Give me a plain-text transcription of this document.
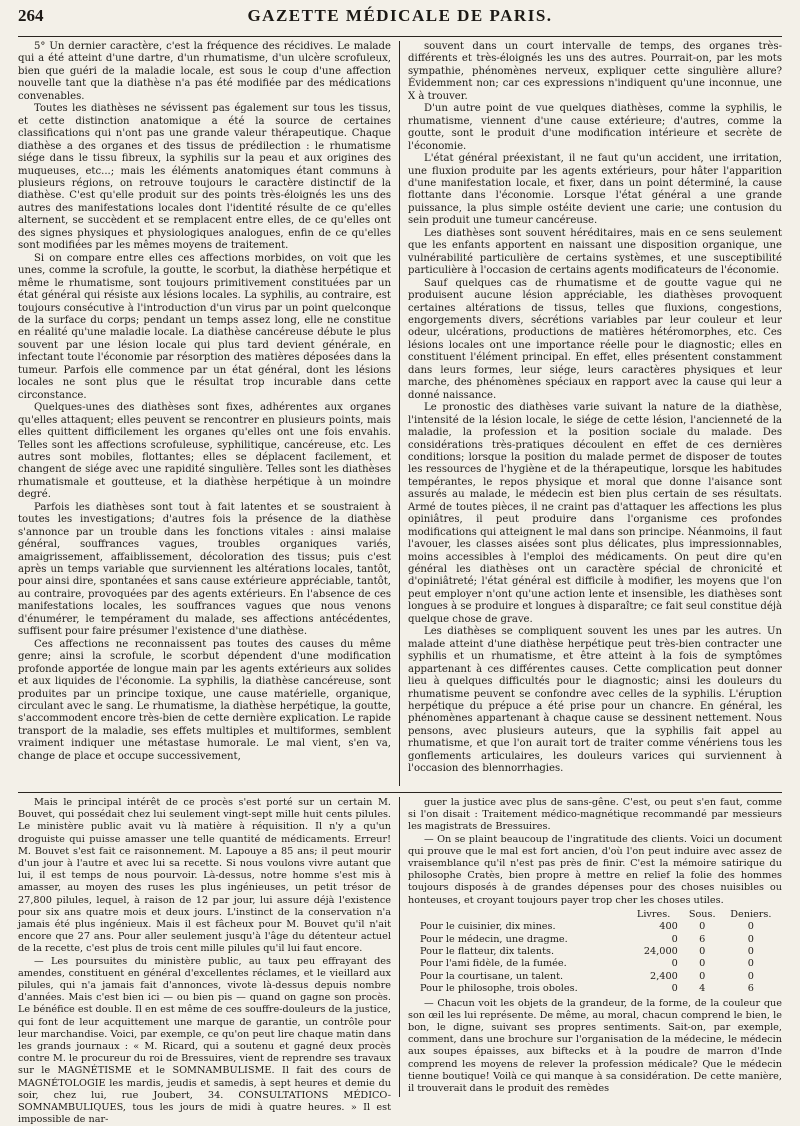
264	GAZETTE MÉDICALE DE PARIS.

5° Un dernier caractère, c'est la fréquence des récidives. Le malade qui a été atteint d'une dartre, d'un rhumatisme, d'un ulcère scrofuleux, bien que guéri de la maladie locale, est sous le coup d'une affection nouvelle tant que la diathèse n'a pas été modifiée par des médications convenables.

Toutes les diathèses ne sévissent pas également sur tous les tissus, et cette distinction anatomique a été la source de certaines classifications qui n'ont pas une grande valeur thérapeutique. Chaque diathèse a des organes et des tissus de prédilection : le rhumatisme siége dans le tissu fibreux, la syphilis sur la peau et aux origines des muqueuses, etc...; mais les éléments anatomiques étant communs à plusieurs régions, on retrouve toujours le caractère distinctif de la diathèse. C'est qu'elle produit sur des points très-éloignés les uns des autres des manifestations locales dont l'identité résulte de ce qu'elles alternent, se succèdent et se remplacent entre elles, de ce qu'elles ont des signes physiques et physiologiques analogues, enfin de ce qu'elles sont modifiées par les mêmes moyens de traitement.

Si on compare entre elles ces affections morbides, on voit que les unes, comme la scrofule, la goutte, le scorbut, la diathèse herpétique et même le rhumatisme, sont toujours primitivement constituées par un état général qui résiste aux lésions locales. La syphilis, au contraire, est toujours consécutive à l'introduction d'un virus par un point quelconque de la surface du corps; pendant un temps assez long, elle ne constitue en réalité qu'une maladie locale. La diathèse cancéreuse débute le plus souvent par une lésion locale qui plus tard devient générale, en infectant toute l'économie par résorption des matières déposées dans la tumeur. Parfois elle commence par un état général, dont les lésions locales ne sont plus que le résultat trop incurable dans cette circonstance.

Quelques-unes des diathèses sont fixes, adhérentes aux organes qu'elles attaquent; elles peuvent se rencontrer en plusieurs points, mais elles quittent difficilement les organes qu'elles ont une fois envahis. Telles sont les affections scrofuleuse, syphilitique, cancéreuse, etc. Les autres sont mobiles, flottantes; elles se déplacent facilement, et changent de siége avec une rapidité singulière. Telles sont les diathèses rhumatismale et goutteuse, et la diathèse herpétique à un moindre degré.

Parfois les diathèses sont tout à fait latentes et se soustraient à toutes les investigations; d'autres fois la présence de la diathèse s'annonce par un trouble dans les fonctions vitales : ainsi malaise général, souffrances vagues, troubles organiques variés, amaigrissement, affaiblissement, décoloration des tissus; puis c'est après un temps variable que surviennent les altérations locales, tantôt, pour ainsi dire, spontanées et sans cause extérieure appréciable, tantôt, au contraire, provoquées par des agents extérieurs. En l'absence de ces manifestations locales, les souffrances vagues que nous venons d'énumérer, le tempérament du malade, ses affections antécédentes, suffisent pour faire présumer l'existence d'une diathèse.

Ces affections ne reconnaissent pas toutes des causes du même genre; ainsi la scrofule, le scorbut dépendent d'une modification profonde apportée de longue main par les agents extérieurs aux solides et aux liquides de l'économie. La syphilis, la diathèse cancéreuse, sont produites par un principe toxique, une cause matérielle, organique, circulant avec le sang. Le rhumatisme, la diathèse herpétique, la goutte, s'accommodent encore très-bien de cette dernière explication. Le rapide transport de la maladie, ses effets multiples et multiformes, semblent vraiment indiquer une métastase humorale. Le mal vient, s'en va, change de place et occupe successivement,

souvent dans un court intervalle de temps, des organes très-différents et très-éloignés les uns des autres. Pourrait-on, par les mots sympathie, phénomènes nerveux, expliquer cette singulière allure? Évidemment non; car ces expressions n'indiquent qu'une inconnue, une X à trouver.

D'un autre point de vue quelques diathèses, comme la syphilis, le rhumatisme, viennent d'une cause extérieure; d'autres, comme la goutte, sont le produit d'une modification intérieure et secrète de l'économie.

L'état général préexistant, il ne faut qu'un accident, une irritation, une fluxion produite par les agents extérieurs, pour hâter l'apparition d'une manifestation locale, et fixer, dans un point déterminé, la cause flottante dans l'économie. Lorsque l'état général a une grande puissance, la plus simple ostéite devient une carie; une contusion du sein produit une tumeur cancéreuse.

Les diathèses sont souvent héréditaires, mais en ce sens seulement que les enfants apportent en naissant une disposition organique, une vulnérabilité particulière de certains systèmes, et une susceptibilité particulière à l'occasion de certains agents modificateurs de l'économie.

Sauf quelques cas de rhumatisme et de goutte vague qui ne produisent aucune lésion appréciable, les diathèses provoquent certaines altérations de tissus, telles que fluxions, congestions, engorgements divers, sécrétions variables par leur couleur et leur odeur, ulcérations, productions de matières hétéromorphes, etc. Ces lésions locales ont une importance réelle pour le diagnostic; elles en constituent l'élément principal. En effet, elles présentent constamment dans leurs formes, leur siége, leurs caractères physiques et leur marche, des phénomènes spéciaux en rapport avec la cause qui leur a donné naissance.

Le pronostic des diathèses varie suivant la nature de la diathèse, l'intensité de la lésion locale, le siége de cette lésion, l'ancienneté de la maladie, la profession et la position sociale du malade. Des considérations très-pratiques découlent en effet de ces dernières conditions; lorsque la position du malade permet de disposer de toutes les ressources de l'hygiène et de la thérapeutique, lorsque les habitudes tempérantes, le repos physique et moral que donne l'aisance sont assurés au malade, le médecin est bien plus certain de ses résultats. Armé de toutes pièces, il ne craint pas d'attaquer les affections les plus opiniâtres, il peut produire dans l'organisme ces profondes modifications qui atteignent le mal dans son principe. Néanmoins, il faut l'avouer, les classes aisées sont plus délicates, plus impressionnables, moins accessibles à l'emploi des médicaments. On peut dire qu'en général les diathèses ont un caractère spécial de chronicité et d'opiniâtreté; l'état général est difficile à modifier, les moyens que l'on peut employer n'ont qu'une action lente et insensible, les diathèses sont longues à se produire et longues à disparaître; ce fait seul constitue déjà quelque chose de grave.

Les diathèses se compliquent souvent les unes par les autres. Un malade atteint d'une diathèse herpétique peut très-bien contracter une syphilis et un rhumatisme, et être atteint à la fois de symptômes appartenant à ces différentes causes. Cette complication peut donner lieu à quelques difficultés pour le diagnostic; ainsi les douleurs du rhumatisme peuvent se confondre avec celles de la syphilis. L'éruption herpétique du prépuce a été prise pour un chancre. En général, les phénomènes appartenant à chaque cause se dessinent nettement. Nous pensons, avec plusieurs auteurs, que la syphilis fait appel au rhumatisme, et que l'on aurait tort de traiter comme vénériens tous les gonflements articulaires, les douleurs varices qui surviennent à l'occasion des blennorrhagies.

Mais le principal intérêt de ce procès s'est porté sur un certain M. Bouvet, qui possédait chez lui seulement vingt-sept mille huit cents pilules. Le ministère public avait vu là matière à réquisition. Il n'y a qu'un droguiste qui puisse amasser une telle quantité de médicaments. Erreur! M. Bouvet s'est fait ce raisonnement. M. Lapouye a 85 ans; il peut mourir d'un jour à l'autre et avec lui sa recette. Si nous voulons vivre autant que lui, il est temps de nous pourvoir. Là-dessus, notre homme s'est mis à amasser, au moyen des ruses les plus ingénieuses, un petit trésor de 27,800 pilules, lequel, à raison de 12 par jour, lui assure déjà l'existence pour six ans quatre mois et deux jours. L'instinct de la conservation n'a jamais été plus ingénieux. Mais il est fâcheux pour M. Bouvet qu'il n'ait encore que 27 ans. Pour aller seulement jusqu'à l'âge du détenteur actuel de la recette, c'est plus de trois cent mille pilules qu'il lui faut encore.

— Les poursuites du ministère public, au taux peu effrayant des amendes, constituent en général d'excellentes réclames, et le vieillard aux pilules, qui n'a jamais fait d'annonces, vivote là-dessus depuis nombre d'années. Mais c'est bien ici — ou bien pis — quand on gagne son procès. Le bénéfice est double. Il en est même de ces souffre-douleurs de la justice, qui font de leur acquittement une marque de garantie, un contrôle pour leur marchandise. Voici, par exemple, ce qu'on peut lire chaque matin dans les grands journaux : « M. Ricard, qui a soutenu et gagné deux procès contre M. le procureur du roi de Bressuires, vient de reprendre ses travaux sur le MAGNÉTISME et le SOMNAMBULISME. Il fait des cours de MAGNÉTOLOGIE les mardis, jeudis et samedis, à sept heures et demie du soir, chez lui, rue Joubert, 34. CONSULTATIONS MÉDICO-SOMNAMBULIQUES, tous les jours de midi à quatre heures. » Il est impossible de nar-

guer la justice avec plus de sans-gêne. C'est, ou peut s'en faut, comme si l'on disait : Traitement médico-magnétique recommandé par messieurs les magistrats de Bressuires.

— On se plaint beaucoup de l'ingratitude des clients. Voici un document qui prouve que le mal est fort ancien, d'où l'on peut induire avec assez de vraisemblance qu'il n'est pas près de finir. C'est la mémoire satirique du philosophe Cratès, bien propre à mettre en relief la folie des hommes toujours disposés à de grandes dépenses pour des choses nuisibles ou honteuses, et croyant toujours payer trop cher les choses utiles.

	Livres.	Sous.	Deniers.
Pour le cuisinier, dix mines.	400	0	0
Pour le médecin, une dragme.	0	6	0
Pour le flatteur, dix talents.	24,000	0	0
Pour l'ami fidèle, de la fumée.	0	0	0
Pour la courtisane, un talent.	2,400	0	0
Pour le philosophe, trois oboles.	0	4	6

— Chacun voit les objets de la grandeur, de la forme, de la couleur que son œil les lui représente. De même, au moral, chacun comprend le bien, le bon, le digne, suivant ses propres sentiments. Sait-on, par exemple, comment, dans une brochure sur l'organisation de la médecine, le médecin aux soupes épaisses, aux biftecks et à la poudre de marron d'Inde comprend les moyens de relever la profession médicale? Que le médecin tienne boutique! Voilà ce qui manque à sa considération. De cette manière, il trouverait dans le produit des remèdes
